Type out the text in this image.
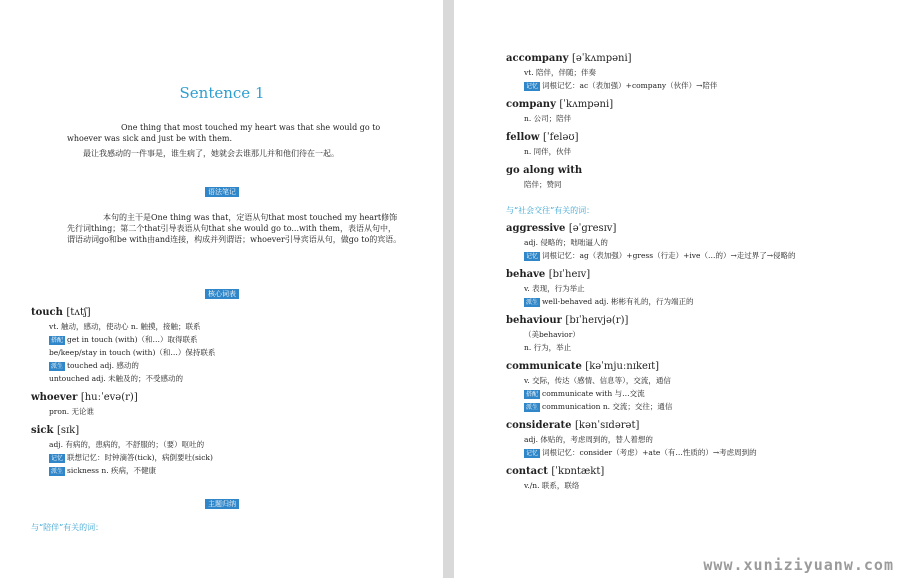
Sentence 1
One thing that most touched my heart was that she would go to whoever was sick and just be with them.
最让我感动的一件事是，谁生病了，她就会去谁那儿并和他们待在一起。
语法笔记
本句的主干是One thing was that，定语从句that most touched my heart修饰先行词thing；第二个that引导表语从句that she would go to...with them，表语从句中，谓语动词go和be with由and连接，构成并列谓语；whoever引导宾语从句，做go to的宾语。
核心词表
touch [tʌtʃ]
vt. 触动，感动，使动心 n. 触摸，接触；联系
搭配 get in touch (with)（和…）取得联系
be/keep/stay in touch (with)（和…）保持联系
派生 touched adj. 感动的
untouched adj. 未触及的；不受感动的
whoever [huːˈevə(r)]
pron. 无论谁
sick [sɪk]
adj. 有病的，患病的，不舒服的；（要）呕吐的
记忆 联想记忆：时钟滴答(tick)，病倒要吐(sick)
派生 sickness n. 疾病，不健康
主题归纳
与“陪伴”有关的词：
accompany [əˈkʌmpəni]
vt. 陪伴，伴随；伴奏
记忆 词根记忆：ac（表加强）+company（伙伴）→陪伴
company [ˈkʌmpəni]
n. 公司；陪伴
fellow [ˈfeləʊ]
n. 同伴，伙伴
go along with
陪伴；赞同
与“社会交往”有关的词：
aggressive [əˈgresɪv]
adj. 侵略的；咄咄逼人的
记忆 词根记忆：ag（表加强）+gress（行走）+ive（…的）→走过界了→侵略的
behave [bɪˈheɪv]
v. 表现，行为举止
派生 well-behaved adj. 彬彬有礼的，行为端正的
behaviour [bɪˈheɪvjə(r)]
（美behavior）
n. 行为，举止
communicate [kəˈmjuːnɪkeɪt]
v. 交际，传达（感情、信息等），交流，通信
搭配 communicate with 与…交流
派生 communication n. 交流；交往；通信
considerate [kənˈsɪdərət]
adj. 体贴的，考虑周到的，替人着想的
记忆 词根记忆：consider（考虑）+ate（有…性质的）→考虑周到的
contact [ˈkɒntækt]
v./n. 联系，联络
www.xuniziyuanw.com
